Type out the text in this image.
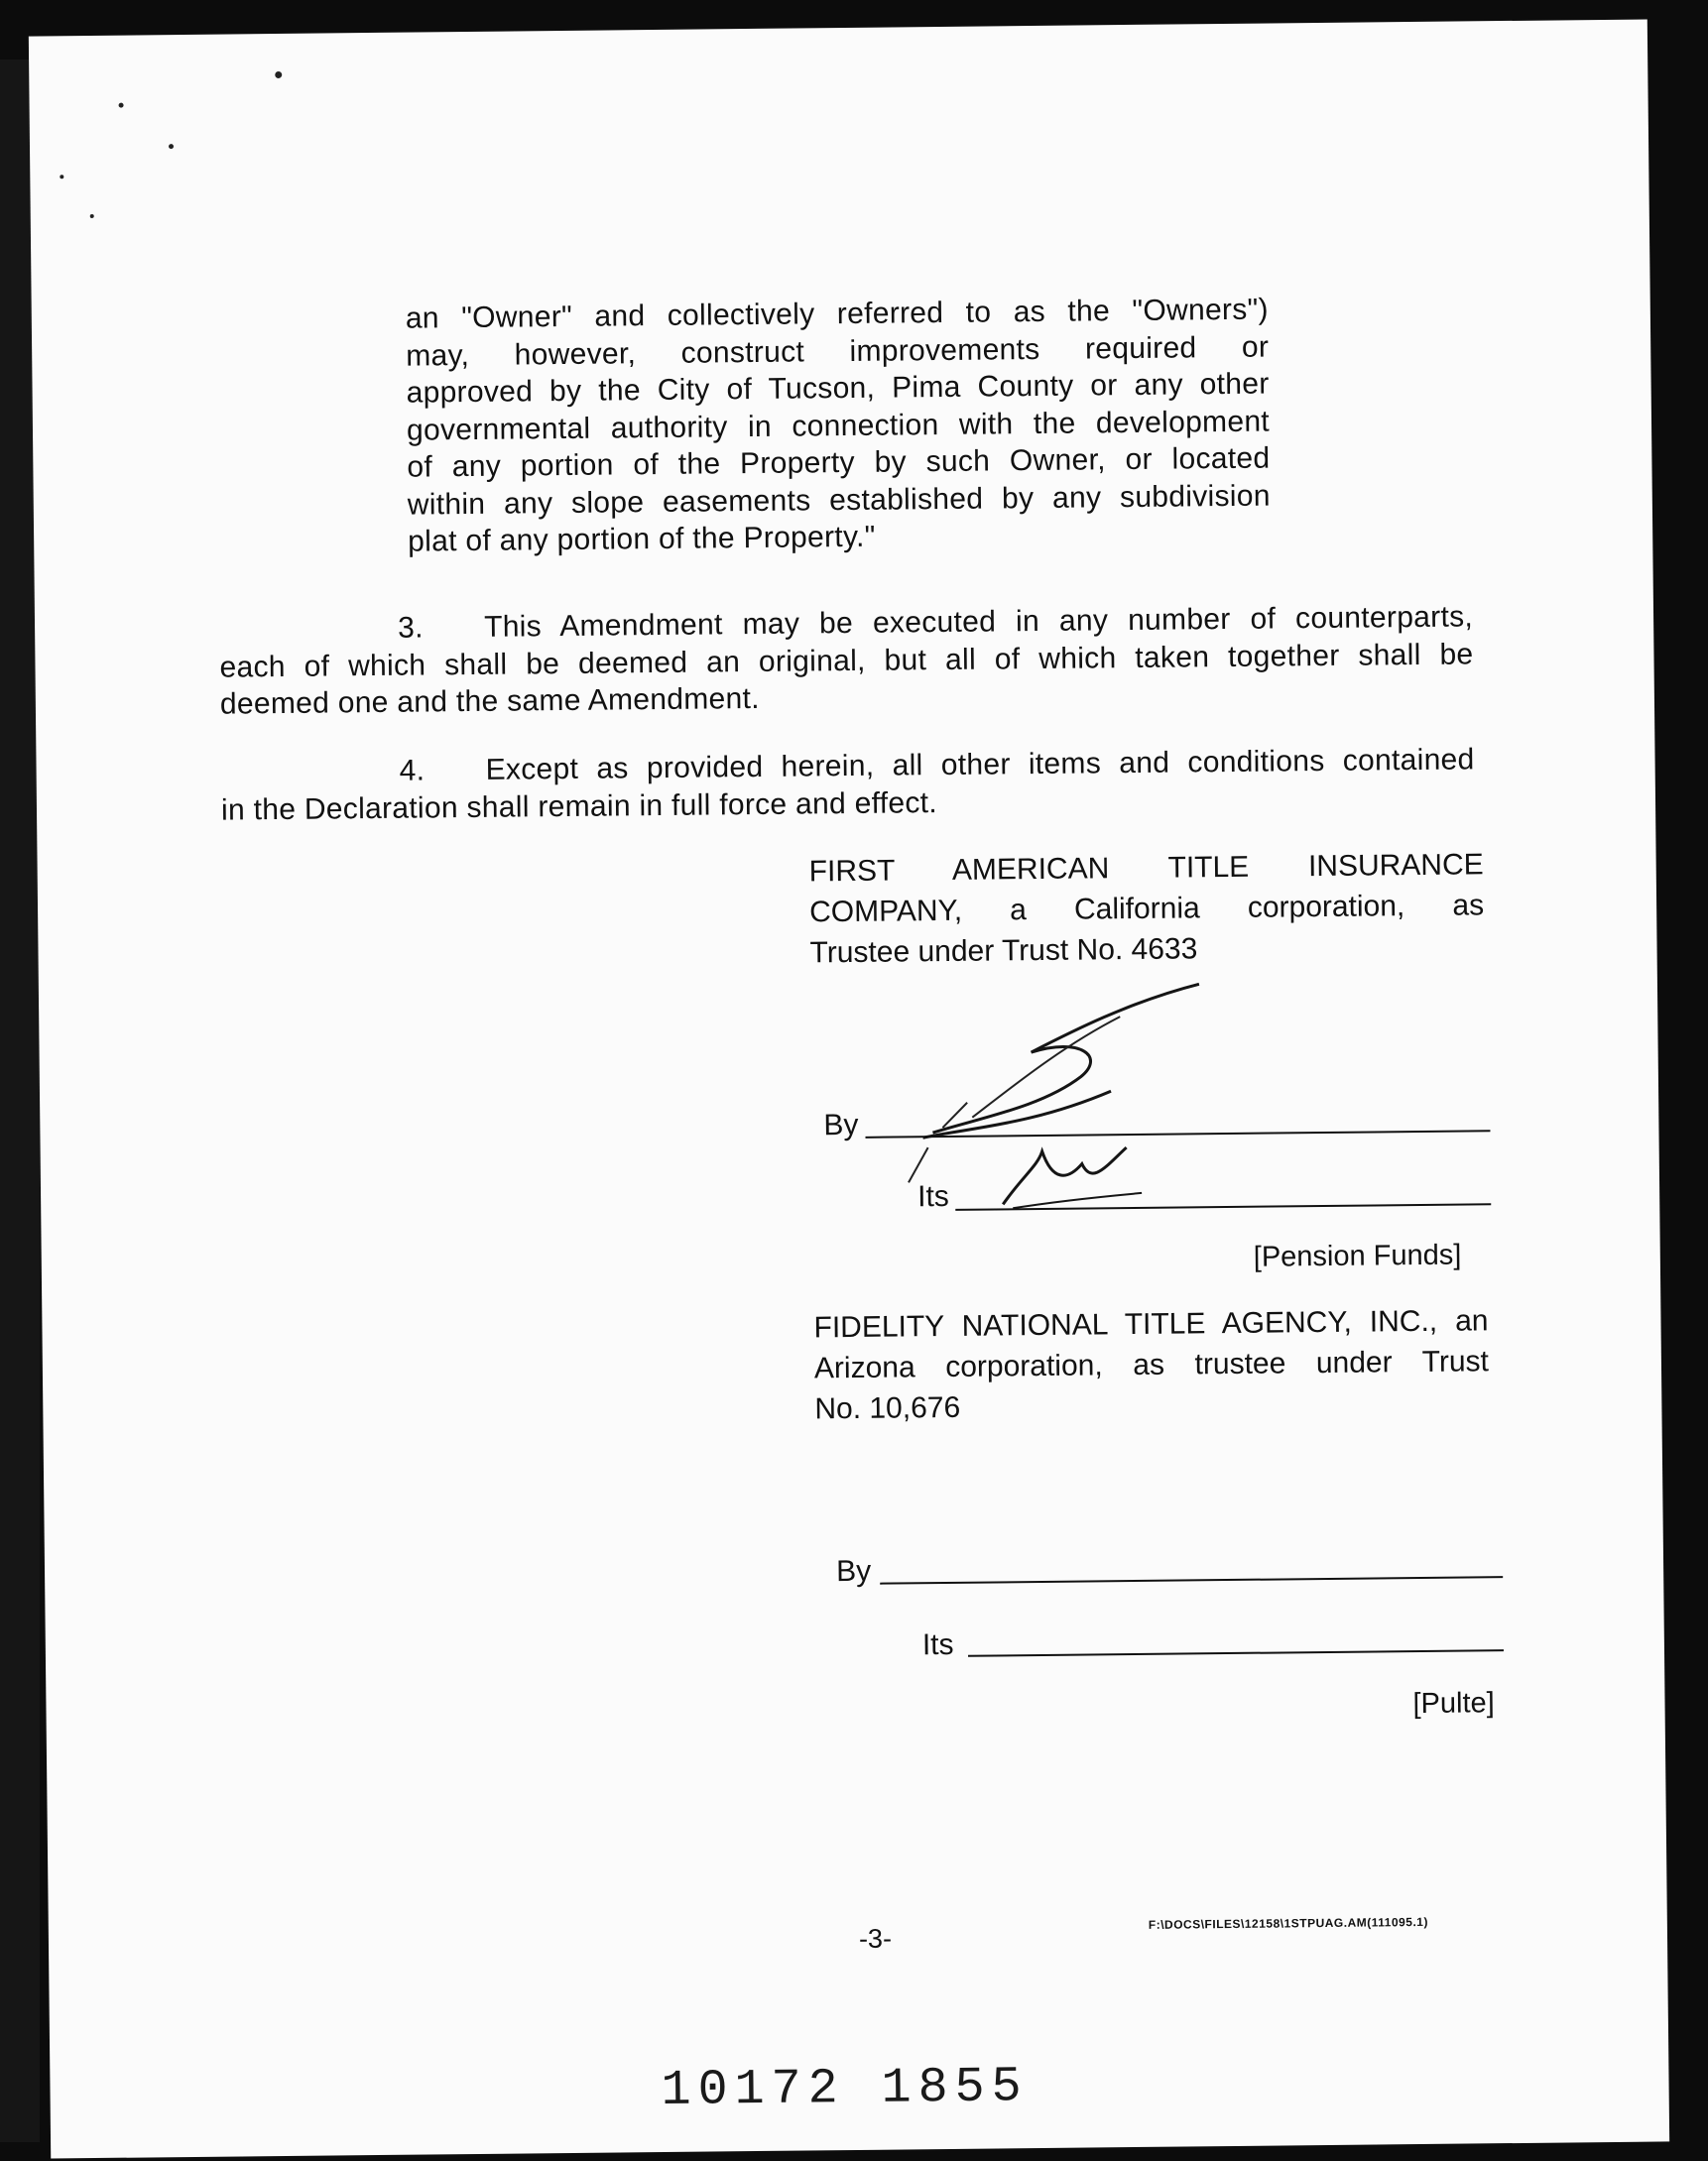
an "Owner" and collectively referred to as the "Owners")
may, however, construct improvements required or
approved by the City of Tucson, Pima County or any other
governmental authority in connection with the development
of any portion of the Property by such Owner, or located
within any slope easements established by any subdivision
plat of any portion of the Property."
3. This Amendment may be executed in any number of counterparts,
each of which shall be deemed an original, but all of which taken together shall be
deemed one and the same Amendment.
4. Except as provided herein, all other items and conditions contained
in the Declaration shall remain in full force and effect.
FIRST AMERICAN TITLE INSURANCE
COMPANY, a California corporation, as
Trustee under Trust No. 4633
By
Its
[Pension Funds]
FIDELITY NATIONAL TITLE AGENCY, INC., an
Arizona corporation, as trustee under Trust
No. 10,676
By
Its
[Pulte]
-3-
F:\DOCS\FILES\12158\1STPUAG.AM(111095.1)
10172 1855
